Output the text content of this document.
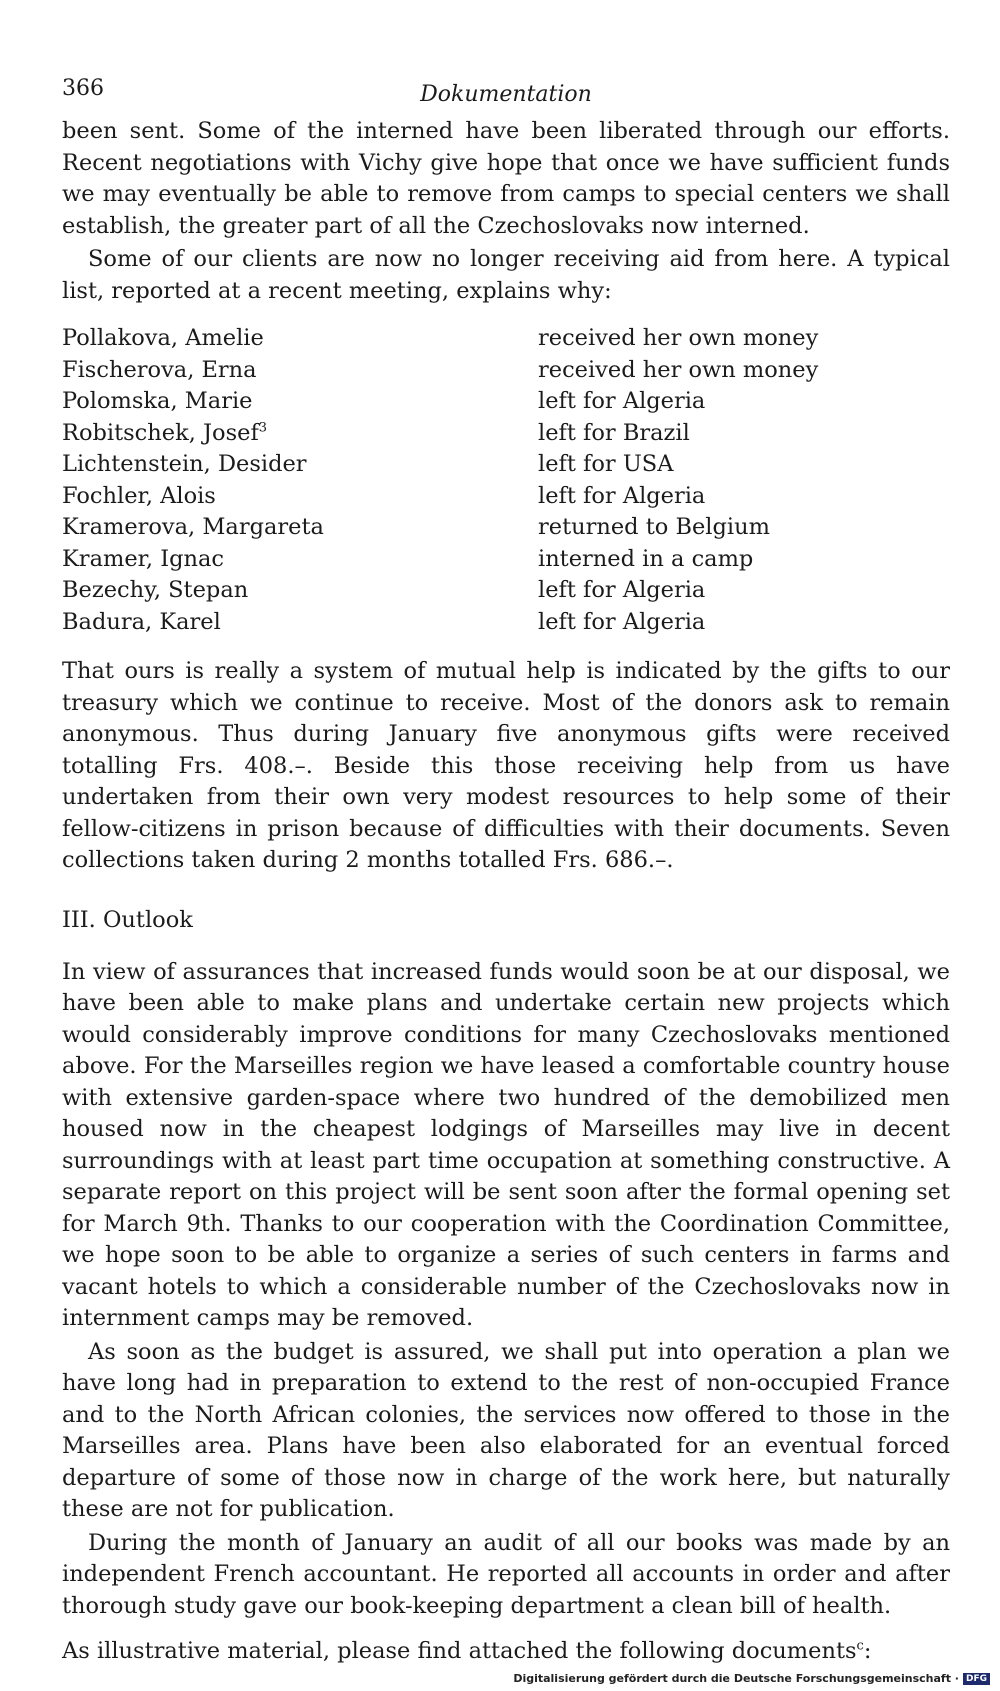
366	Dokumentation

been sent. Some of the interned have been liberated through our efforts. Recent negotiations with Vichy give hope that once we have sufficient funds we may eventually be able to remove from camps to special centers we shall establish, the greater part of all the Czechoslovaks now interned.

Some of our clients are now no longer receiving aid from here. A typical list, reported at a recent meeting, explains why:

Pollakova, Amelie	received her own money
Fischerova, Erna	received her own money
Polomska, Marie	left for Algeria
Robitschek, Josef$^3$	left for Brazil
Lichtenstein, Desider	left for USA
Fochler, Alois	left for Algeria
Kramerova, Margareta	returned to Belgium
Kramer, Ignac	interned in a camp
Bezechy, Stepan	left for Algeria
Badura, Karel	left for Algeria

That ours is really a system of mutual help is indicated by the gifts to our treasury which we continue to receive. Most of the donors ask to remain anonymous. Thus during January five anonymous gifts were received totalling Frs. 408.–. Beside this those receiving help from us have undertaken from their own very modest resources to help some of their fellow-citizens in prison because of difficulties with their documents. Seven collections taken during 2 months totalled Frs. 686.–.

III. Outlook

In view of assurances that increased funds would soon be at our disposal, we have been able to make plans and undertake certain new projects which would considerably improve conditions for many Czechoslovaks mentioned above. For the Marseilles region we have leased a comfortable country house with extensive garden-space where two hundred of the demobilized men housed now in the cheapest lodgings of Marseilles may live in decent surroundings with at least part time occupation at something constructive. A separate report on this project will be sent soon after the formal opening set for March 9th. Thanks to our cooperation with the Coordination Committee, we hope soon to be able to organize a series of such centers in farms and vacant hotels to which a considerable number of the Czechoslovaks now in internment camps may be removed.

As soon as the budget is assured, we shall put into operation a plan we have long had in preparation to extend to the rest of non-occupied France and to the North African colonies, the services now offered to those in the Marseilles area. Plans have been also elaborated for an eventual forced departure of some of those now in charge of the work here, but naturally these are not for publication.

During the month of January an audit of all our books was made by an independent French accountant. He reported all accounts in order and after thorough study gave our book-keeping department a clean bill of health.

As illustrative material, please find attached the following documents$^c$:

Digitalisierung gefördert durch die Deutsche Forschungsgemeinschaft · DFG
